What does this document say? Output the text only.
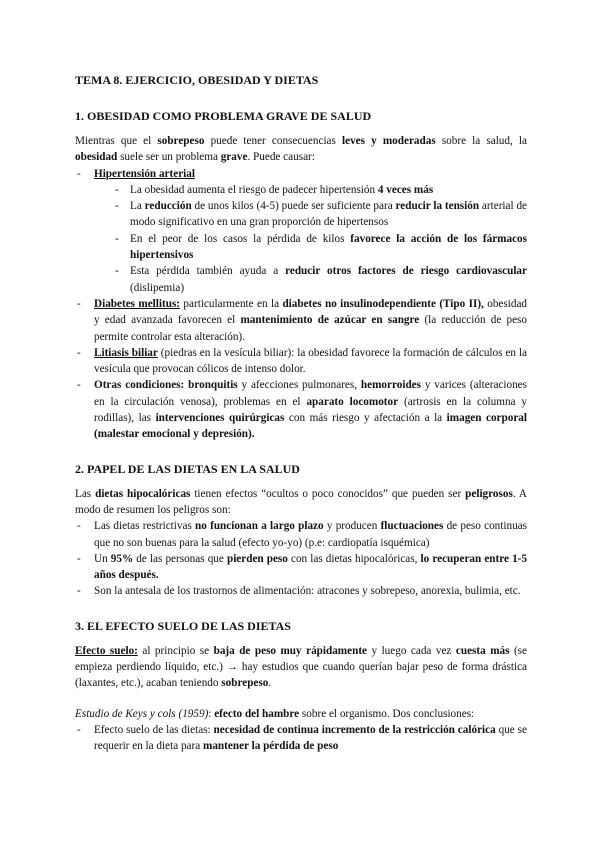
TEMA 8. EJERCICIO, OBESIDAD Y DIETAS
1. OBESIDAD COMO PROBLEMA GRAVE DE SALUD

Mientras que el sobrepeso puede tener consecuencias leves y moderadas sobre la salud, la obesidad suele ser un problema grave. Puede causar:

- Hipertensión arterial
- La obesidad aumenta el riesgo de padecer hipertensión 4 veces más
- La reducción de unos kilos (4-5) puede ser suficiente para reducir la tensión arterial de modo significativo en una gran proporción de hipertensos
- En el peor de los casos la pérdida de kilos favorece la acción de los fármacos hipertensivos
- Esta pérdida también ayuda a reducir otros factores de riesgo cardiovascular (dislipemia)
- Diabetes mellitus: particularmente en la diabetes no insulinodependiente (Tipo II), obesidad y edad avanzada favorecen el mantenimiento de azúcar en sangre (la reducción de peso permite controlar esta alteración).
- Litiasis biliar (piedras en la vesícula biliar): la obesidad favorece la formación de cálculos en la vesícula que provocan cólicos de intenso dolor.
- Otras condiciones: bronquitis y afecciones pulmonares, hemorroides y varices (alteraciones en la circulación venosa), problemas en el aparato locomotor (artrosis en la columna y rodillas), las intervenciones quirúrgicas con más riesgo y afectación a la imagen corporal (malestar emocional y depresión).
2. PAPEL DE LAS DIETAS EN LA SALUD

Las dietas hipocalóricas tienen efectos “ocultos o poco conocidos” que pueden ser peligrosos. A modo de resumen los peligros son:

- Las dietas restrictivas no funcionan a largo plazo y producen fluctuaciones de peso continuas que no son buenas para la salud (efecto yo-yo) (p.e: cardiopatía isquémica)
- Un 95% de las personas que pierden peso con las dietas hipocalóricas, lo recuperan entre 1-5 años después.
- Son la antesala de los trastornos de alimentación: atracones y sobrepeso, anorexia, bulimia, etc.
3. EL EFECTO SUELO DE LAS DIETAS

Efecto suelo: al principio se baja de peso muy rápidamente y luego cada vez cuesta más (se empieza perdiendo líquido, etc.) → hay estudios que cuando querían bajar peso de forma drástica (laxantes, etc.), acaban teniendo sobrepeso.

Estudio de Keys y cols (1959): efecto del hambre sobre el organismo. Dos conclusiones:

- Efecto suelo de las dietas: necesidad de continua incremento de la restricción calórica que se requerir en la dieta para mantener la pérdida de peso
